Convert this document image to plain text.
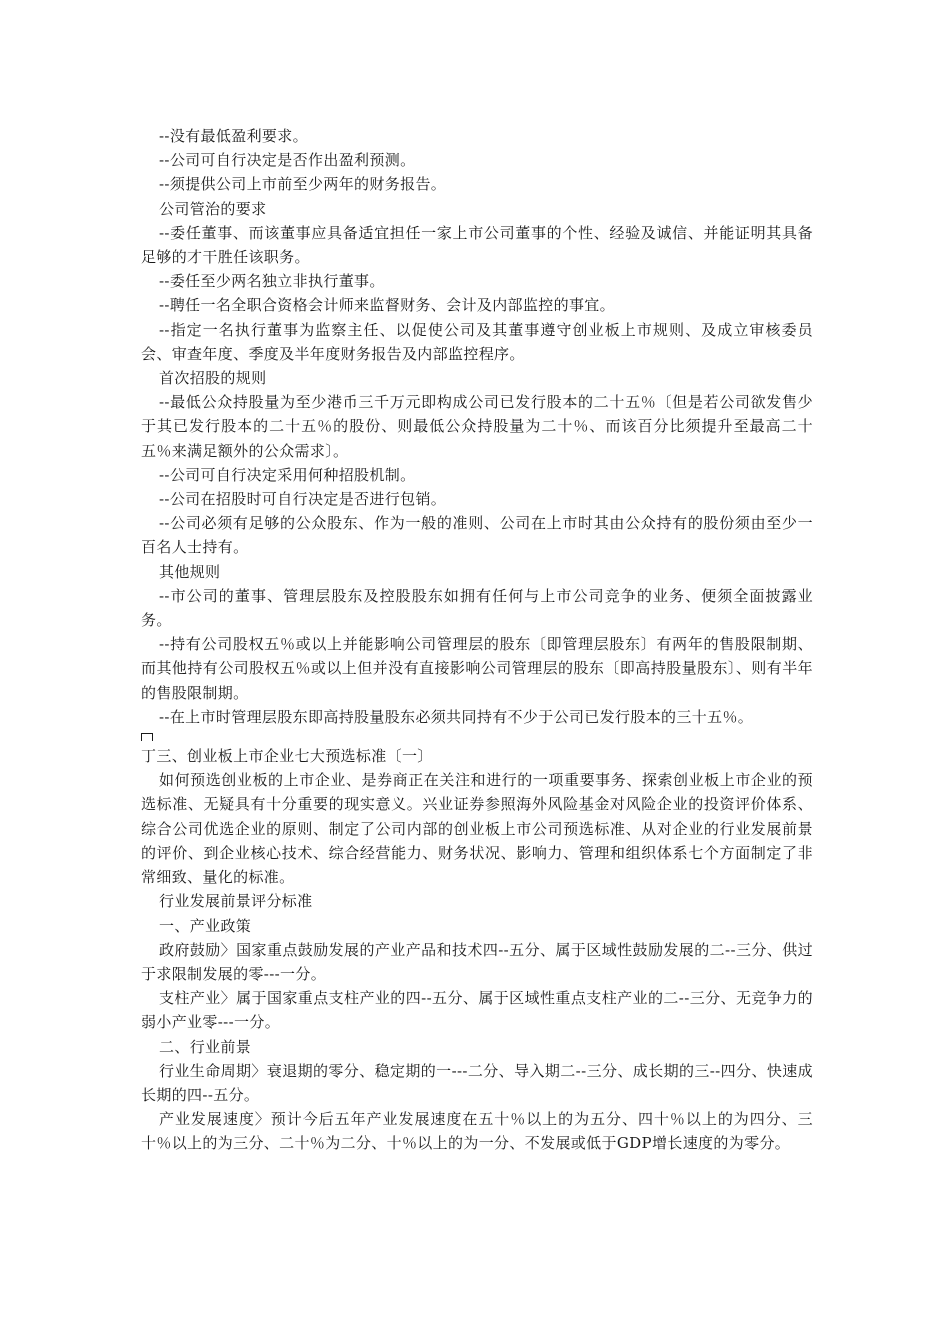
--没有最低盈利要求。

--公司可自行决定是否作出盈利预测。

--须提供公司上市前至少两年的财务报告。

公司管治的要求

--委任董事、而该董事应具备适宜担任一家上市公司董事的个性、经验及诚信、并能证明其具备足够的才干胜任该职务。

--委任至少两名独立非执行董事。

--聘任一名全职合资格会计师来监督财务、会计及内部监控的事宜。

--指定一名执行董事为监察主任、以促使公司及其董事遵守创业板上市规则、及成立审核委员会、审查年度、季度及半年度财务报告及内部监控程序。

首次招股的规则

--最低公众持股量为至少港币三千万元即构成公司已发行股本的二十五％〔但是若公司欲发售少于其已发行股本的二十五％的股份、则最低公众持股量为二十％、而该百分比须提升至最高二十五％来满足额外的公众需求〕。

--公司可自行决定采用何种招股机制。

--公司在招股时可自行决定是否进行包销。

--公司必须有足够的公众股东、作为一般的准则、公司在上市时其由公众持有的股份须由至少一百名人士持有。

其他规则

--市公司的董事、管理层股东及控股股东如拥有任何与上市公司竞争的业务、便须全面披露业务。

--持有公司股权五％或以上并能影响公司管理层的股东〔即管理层股东〕有两年的售股限制期、而其他持有公司股权五％或以上但并没有直接影响公司管理层的股东〔即高持股量股东〕、则有半年的售股限制期。

--在上市时管理层股东即高持股量股东必须共同持有不少于公司已发行股本的三十五％。

丁三、创业板上市企业七大预选标准〔一〕

如何预选创业板的上市企业、是券商正在关注和进行的一项重要事务、探索创业板上市企业的预选标准、无疑具有十分重要的现实意义。兴业证券参照海外风险基金对风险企业的投资评价体系、综合公司优选企业的原则、制定了公司内部的创业板上市公司预选标准、从对企业的行业发展前景的评价、到企业核心技术、综合经营能力、财务状况、影响力、管理和组织体系七个方面制定了非常细致、量化的标准。

行业发展前景评分标准

一、产业政策

政府鼓励〉国家重点鼓励发展的产业产品和技术四--五分、属于区域性鼓励发展的二--三分、供过于求限制发展的零---一分。

支柱产业〉属于国家重点支柱产业的四--五分、属于区域性重点支柱产业的二--三分、无竞争力的弱小产业零---一分。

二、行业前景

行业生命周期〉衰退期的零分、稳定期的一---二分、导入期二--三分、成长期的三--四分、快速成长期的四--五分。

产业发展速度〉预计今后五年产业发展速度在五十％以上的为五分、四十％以上的为四分、三十％以上的为三分、二十％为二分、十％以上的为一分、不发展或低于GDP增长速度的为零分。
